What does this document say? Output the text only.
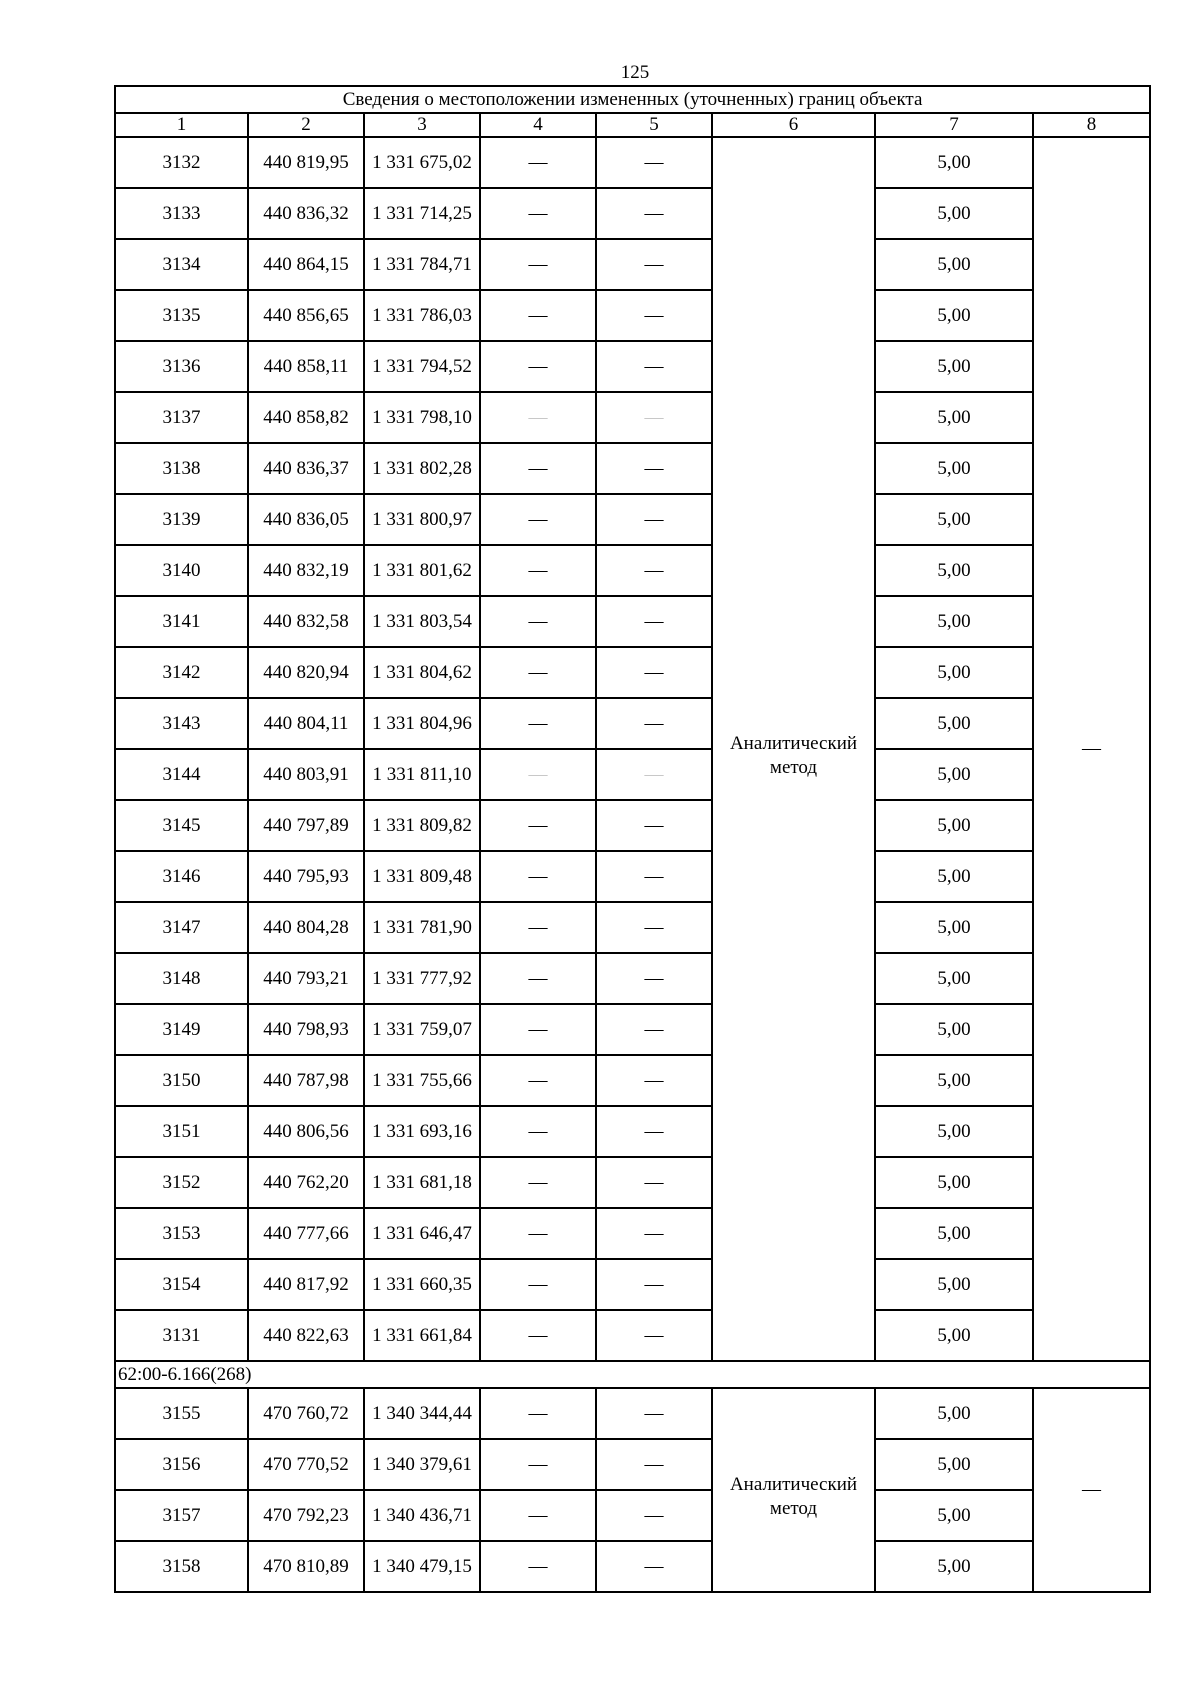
125
Сведения о местоположении измененных (уточненных) границ объекта							
1	2	3	4	5	6	7	8
3132	440 819,95	1 331 675,02	—	—	Аналитический метод	5,00	—
3133	440 836,32	1 331 714,25	—	—		5,00	
3134	440 864,15	1 331 784,71	—	—		5,00	
3135	440 856,65	1 331 786,03	—	—		5,00	
3136	440 858,11	1 331 794,52	—	—		5,00	
3137	440 858,82	1 331 798,10	—	—		5,00	
3138	440 836,37	1 331 802,28	—	—		5,00	
3139	440 836,05	1 331 800,97	—	—		5,00	
3140	440 832,19	1 331 801,62	—	—		5,00	
3141	440 832,58	1 331 803,54	—	—		5,00	
3142	440 820,94	1 331 804,62	—	—		5,00	
3143	440 804,11	1 331 804,96	—	—		5,00	
3144	440 803,91	1 331 811,10	—	—		5,00	
3145	440 797,89	1 331 809,82	—	—		5,00	
3146	440 795,93	1 331 809,48	—	—		5,00	
3147	440 804,28	1 331 781,90	—	—		5,00	
3148	440 793,21	1 331 777,92	—	—		5,00	
3149	440 798,93	1 331 759,07	—	—		5,00	
3150	440 787,98	1 331 755,66	—	—		5,00	
3151	440 806,56	1 331 693,16	—	—		5,00	
3152	440 762,20	1 331 681,18	—	—		5,00	
3153	440 777,66	1 331 646,47	—	—		5,00	
3154	440 817,92	1 331 660,35	—	—		5,00	
3131	440 822,63	1 331 661,84	—	—		5,00	
62:00-6.166(268)							
3155	470 760,72	1 340 344,44	—	—	Аналитический метод	5,00	—
3156	470 770,52	1 340 379,61	—	—		5,00	
3157	470 792,23	1 340 436,71	—	—		5,00	
3158	470 810,89	1 340 479,15	—	—		5,00	
